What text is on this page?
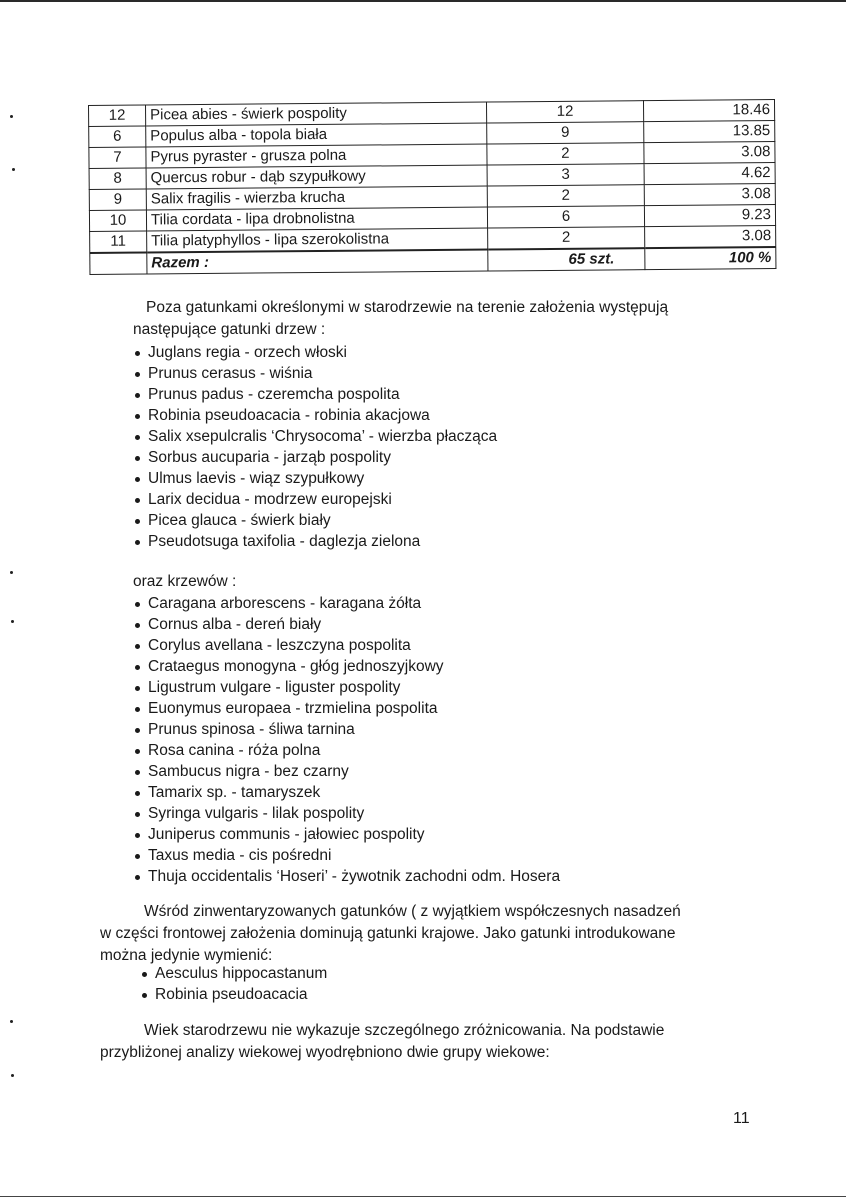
12	Picea abies - świerk pospolity	12	18.46
6	Populus alba - topola biała	9	13.85
7	Pyrus pyraster - grusza polna	2	3.08
8	Quercus robur - dąb szypułkowy	3	4.62
9	Salix fragilis - wierzba krucha	2	3.08
10	Tilia cordata - lipa drobnolistna	6	9.23
11	Tilia platyphyllos - lipa szerokolistna	2	3.08
	Razem :	65 szt.	100 %

Poza gatunkami określonymi w starodrzewie na terenie założenia występują

następujące gatunki drzew :

Juglans regia - orzech włoski
Prunus cerasus - wiśnia
Prunus padus - czeremcha pospolita
Robinia pseudoacacia - robinia akacjowa
Salix xsepulcralis ‘Chrysocoma’ - wierzba płacząca
Sorbus aucuparia - jarząb pospolity
Ulmus laevis - wiąz szypułkowy
Larix decidua - modrzew europejski
Picea glauca - świerk biały
Pseudotsuga taxifolia - daglezja zielona
oraz krzewów :
Caragana arborescens - karagana żółta
Cornus alba - dereń biały
Corylus avellana - leszczyna pospolita
Crataegus monogyna - głóg jednoszyjkowy
Ligustrum vulgare - liguster pospolity
Euonymus europaea - trzmielina pospolita
Prunus spinosa - śliwa tarnina
Rosa canina - róża polna
Sambucus nigra - bez czarny
Tamarix sp. - tamaryszek
Syringa vulgaris - lilak pospolity
Juniperus communis - jałowiec pospolity
Taxus media - cis pośredni
Thuja occidentalis ‘Hoseri’ - żywotnik zachodni odm. Hosera

Wśród zinwentaryzowanych gatunków ( z wyjątkiem współczesnych nasadzeń

w części frontowej założenia dominują gatunki krajowe. Jako gatunki introdukowane

można jedynie wymienić:

Aesculus hippocastanum
Robinia pseudoacacia

Wiek starodrzewu nie wykazuje szczególnego zróżnicowania. Na podstawie

przybliżonej analizy wiekowej wyodrębniono dwie grupy wiekowe:

11
